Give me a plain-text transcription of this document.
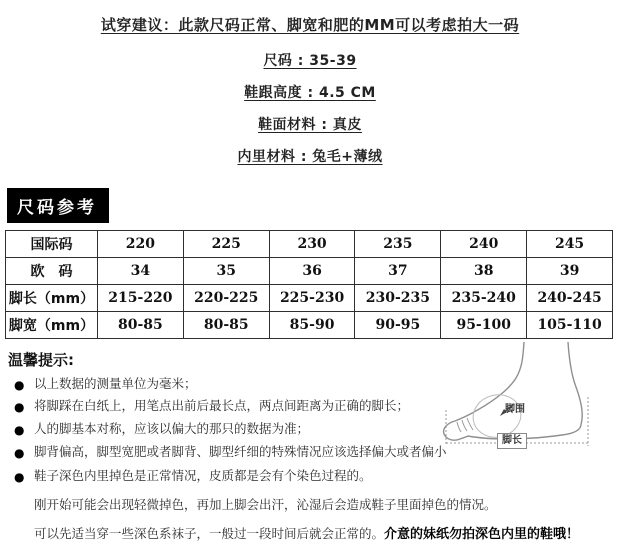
试穿建议：此款尺码正常、脚宽和肥的MM可以考虑拍大一码
尺码 : 35-39
鞋跟高度 : 4.5 CM
鞋面材料 : 真皮
内里材料 : 兔毛+薄绒
尺码参考
国际码	220	225	230	235	240	245
欧　码	34	35	36	37	38	39
脚长（mm）	215-220	220-225	225-230	230-235	235-240	240-245
脚宽（mm）	80-85	80-85	85-90	90-95	95-100	105-110
温馨提示:
● 以上数据的测量单位为毫米；
● 将脚踩在白纸上，用笔点出前后最长点，两点间距离为正确的脚长；
● 人的脚基本对称，应该以偏大的那只的数据为准；
● 脚背偏高，脚型宽肥或者脚背、脚型纤细的特殊情况应该选择偏大或者偏小
● 鞋子深色内里掉色是正常情况，皮质都是会有个染色过程的。
刚开始可能会出现轻微掉色，再加上脚会出汗，沁湿后会造成鞋子里面掉色的情况。
可以先适当穿一些深色系袜子，一般过一段时间后就会正常的。介意的妹纸勿拍深色内里的鞋哦！
脚围
脚长
